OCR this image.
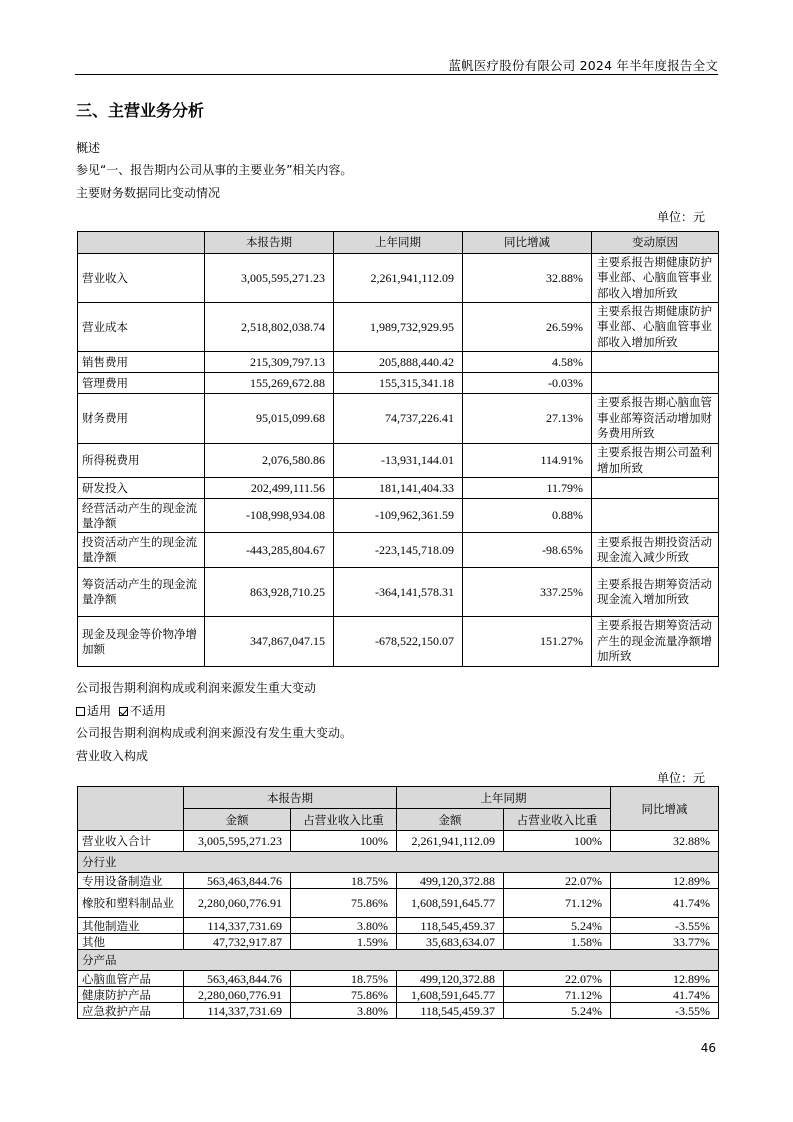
蓝帆医疗股份有限公司 2024 年半年度报告全文
三、主营业务分析
概述
参见“一、报告期内公司从事的主要业务”相关内容。
主要财务数据同比变动情况
单位：元
	本报告期	上年同期	同比增减	变动原因
营业收入	3,005,595,271.23	2,261,941,112.09	32.88%	主要系报告期健康防护事业部、心脑血管事业部收入增加所致
营业成本	2,518,802,038.74	1,989,732,929.95	26.59%	主要系报告期健康防护事业部、心脑血管事业部收入增加所致
销售费用	215,309,797.13	205,888,440.42	4.58%	
管理费用	155,269,672.88	155,315,341.18	-0.03%	
财务费用	95,015,099.68	74,737,226.41	27.13%	主要系报告期心脑血管事业部筹资活动增加财务费用所致
所得税费用	2,076,580.86	-13,931,144.01	114.91%	主要系报告期公司盈利增加所致
研发投入	202,499,111.56	181,141,404.33	11.79%	
经营活动产生的现金流量净额	-108,998,934.08	-109,962,361.59	0.88%	
投资活动产生的现金流量净额	-443,285,804.67	-223,145,718.09	-98.65%	主要系报告期投资活动现金流入减少所致
筹资活动产生的现金流量净额	863,928,710.25	-364,141,578.31	337.25%	主要系报告期筹资活动现金流入增加所致
现金及现金等价物净增加额	347,867,047.15	-678,522,150.07	151.27%	主要系报告期筹资活动产生的现金流量净额增加所致
公司报告期利润构成或利润来源发生重大变动
适用 不适用
公司报告期利润构成或利润来源没有发生重大变动。
营业收入构成
单位：元
	本报告期		上年同期		同比增减
	金额	占营业收入比重	金额	占营业收入比重	
营业收入合计	3,005,595,271.23	100%	2,261,941,112.09	100%	32.88%
分行业					
专用设备制造业	563,463,844.76	18.75%	499,120,372.88	22.07%	12.89%
橡胶和塑料制品业	2,280,060,776.91	75.86%	1,608,591,645.77	71.12%	41.74%
其他制造业	114,337,731.69	3.80%	118,545,459.37	5.24%	-3.55%
其他	47,732,917.87	1.59%	35,683,634.07	1.58%	33.77%
分产品					
心脑血管产品	563,463,844.76	18.75%	499,120,372.88	22.07%	12.89%
健康防护产品	2,280,060,776.91	75.86%	1,608,591,645.77	71.12%	41.74%
应急救护产品	114,337,731.69	3.80%	118,545,459.37	5.24%	-3.55%
46
